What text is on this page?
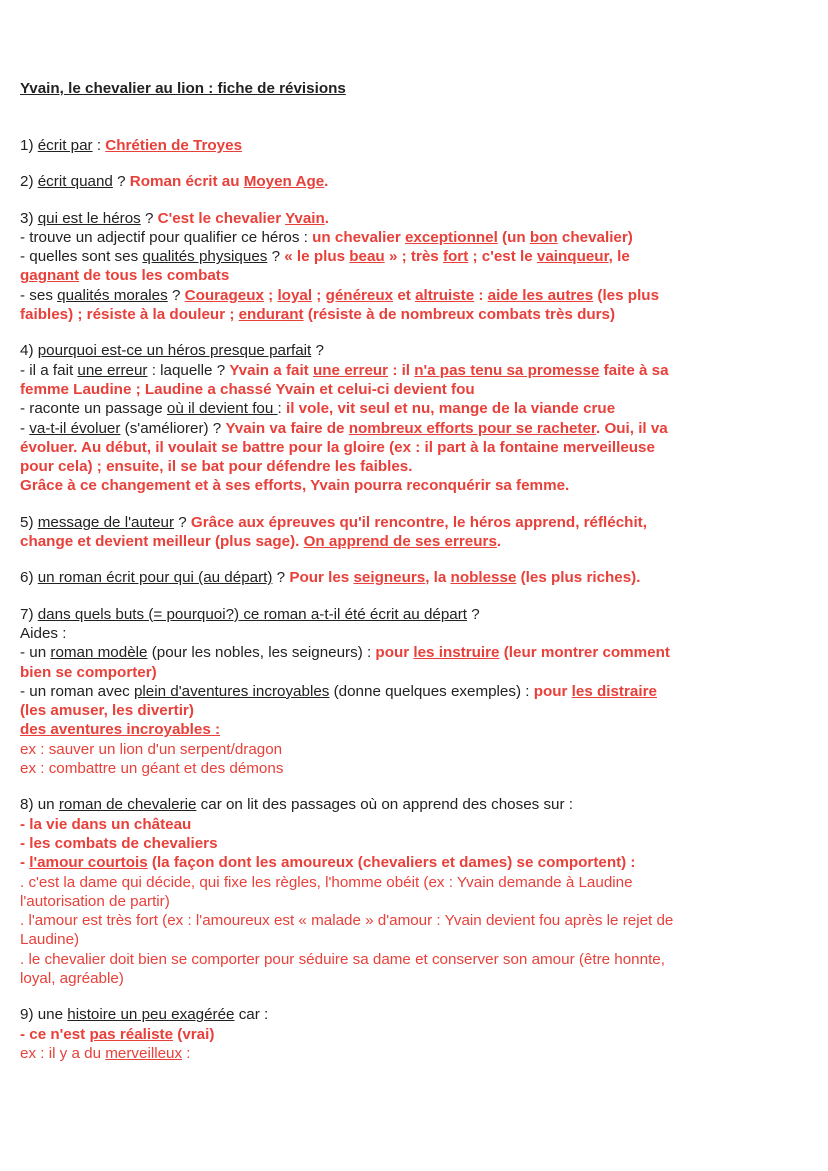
Yvain, le chevalier au lion : fiche de révisions
1) écrit par : Chrétien de Troyes
2) écrit quand ? Roman écrit au Moyen Age.
3) qui est le héros ? C'est le chevalier Yvain.
- trouve un adjectif pour qualifier ce héros : un chevalier exceptionnel (un bon chevalier)
- quelles sont ses qualités physiques ? « le plus beau » ; très fort ; c'est le vainqueur, le
gagnant de tous les combats
- ses qualités morales ? Courageux ; loyal ; généreux et altruiste : aide les autres (les plus
faibles) ; résiste à la douleur ; endurant (résiste à de nombreux combats très durs)
4) pourquoi est-ce un héros presque parfait ?
- il a fait une erreur : laquelle ? Yvain a fait une erreur : il n'a pas tenu sa promesse faite à sa
femme Laudine ; Laudine a chassé Yvain et celui-ci devient fou
- raconte un passage où il devient fou : il vole, vit seul et nu, mange de la viande crue
- va-t-il évoluer (s'améliorer) ? Yvain va faire de nombreux efforts pour se racheter. Oui, il va
évoluer. Au début, il voulait se battre pour la gloire (ex : il part à la fontaine merveilleuse
pour cela) ; ensuite, il se bat pour défendre les faibles.
Grâce à ce changement et à ses efforts, Yvain pourra reconquérir sa femme.
5) message de l'auteur ? Grâce aux épreuves qu'il rencontre, le héros apprend, réfléchit,
change et devient meilleur (plus sage). On apprend de ses erreurs.
6) un roman écrit pour qui (au départ) ? Pour les seigneurs, la noblesse (les plus riches).
7) dans quels buts (= pourquoi?) ce roman a-t-il été écrit au départ ?
Aides :
- un roman modèle (pour les nobles, les seigneurs) : pour les instruire (leur montrer comment
bien se comporter)
- un roman avec plein d'aventures incroyables (donne quelques exemples) : pour les distraire
(les amuser, les divertir)
des aventures incroyables :
ex : sauver un lion d'un serpent/dragon
ex : combattre un géant et des démons
8) un roman de chevalerie car on lit des passages où on apprend des choses sur :
- la vie dans un château
- les combats de chevaliers
- l'amour courtois (la façon dont les amoureux (chevaliers et dames) se comportent) :
. c'est la dame qui décide, qui fixe les règles, l'homme obéit (ex : Yvain demande à Laudine
l'autorisation de partir)
. l'amour est très fort (ex : l'amoureux est « malade » d'amour : Yvain devient fou après le rejet de
Laudine)
. le chevalier doit bien se comporter pour séduire sa dame et conserver son amour (être honnte,
loyal, agréable)
9) une histoire un peu exagérée car :
- ce n'est pas réaliste (vrai)
ex : il y a du merveilleux :
